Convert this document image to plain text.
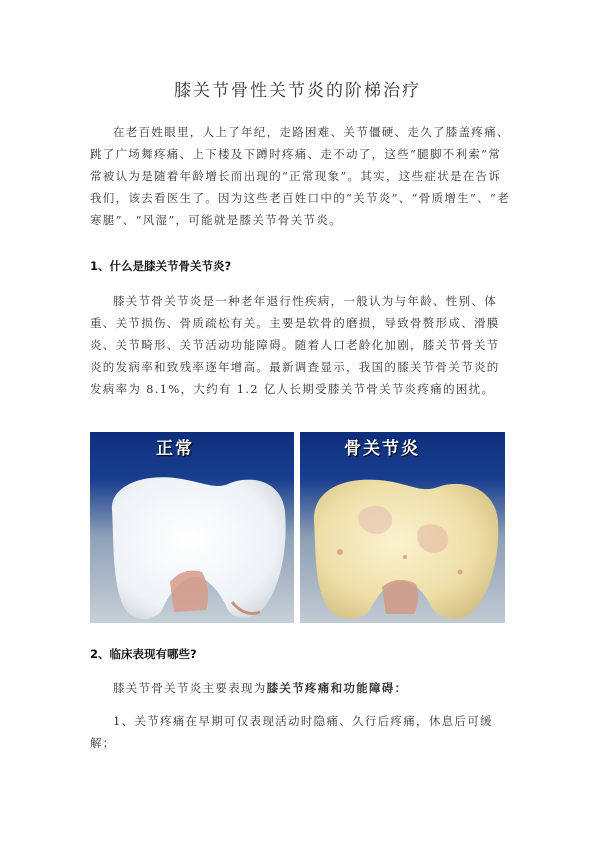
膝关节骨性关节炎的阶梯治疗

在老百姓眼里，人上了年纪，走路困难、关节僵硬、走久了膝盖疼痛、跳了广场舞疼痛、上下楼及下蹲时疼痛、走不动了，这些“腿脚不利索”常常被认为是随着年龄增长而出现的“正常现象”。其实，这些症状是在告诉我们，该去看医生了。因为这些老百姓口中的“关节炎”、“骨质增生”、“老寒腿”、“风湿”，可能就是膝关节骨关节炎。

1、什么是膝关节骨关节炎?

膝关节骨关节炎是一种老年退行性疾病，一般认为与年龄、性别、体重、关节损伤、骨质疏松有关。主要是软骨的磨损，导致骨赘形成、滑膜炎、关节畸形、关节活动功能障碍。随着人口老龄化加剧，膝关节骨关节炎的发病率和致残率逐年增高。最新调查显示，我国的膝关节骨关节炎的发病率为 8.1%，大约有 1.2 亿人长期受膝关节骨关节炎疼痛的困扰。

正常	骨关节炎

2、临床表现有哪些?

膝关节骨关节炎主要表现为膝关节疼痛和功能障碍：

1、关节疼痛在早期可仅表现活动时隐痛、久行后疼痛，休息后可缓解；
